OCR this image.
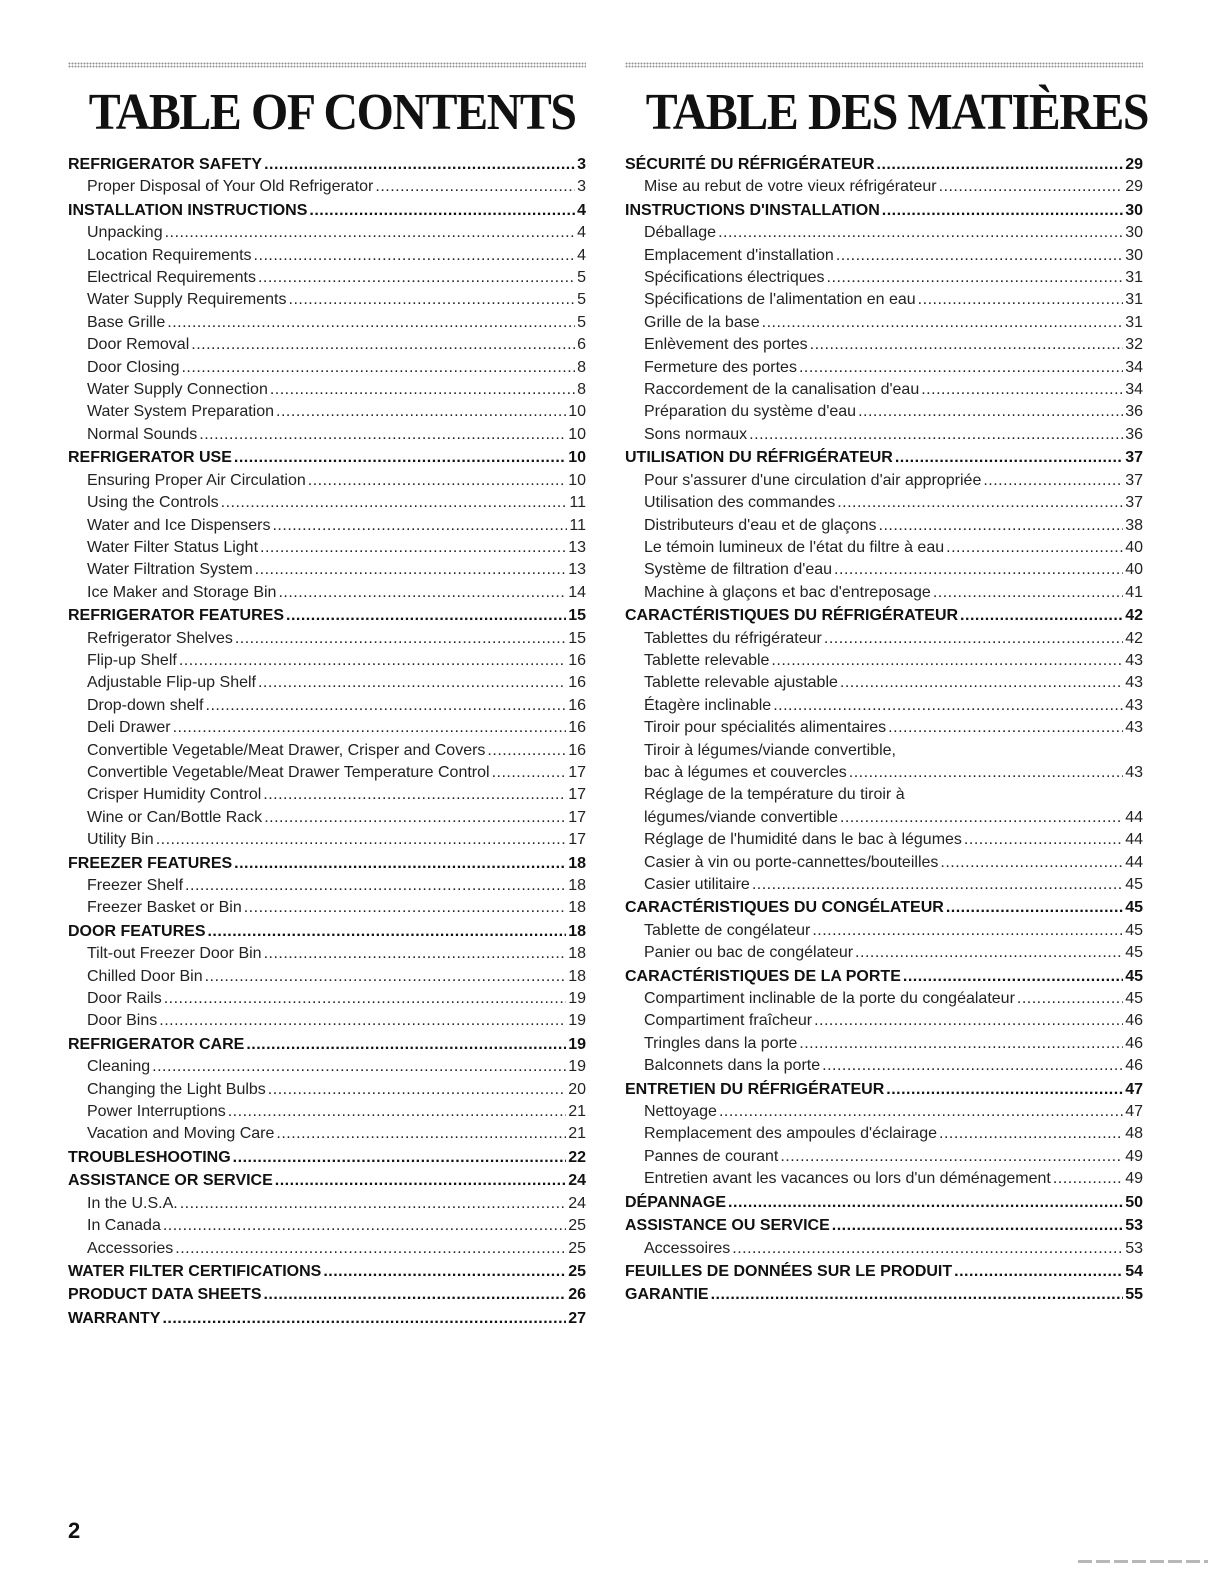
TABLE OF CONTENTS
REFRIGERATOR SAFETY .....	3
Proper Disposal of Your Old Refrigerator .....	3
INSTALLATION INSTRUCTIONS .....	4
Unpacking .....	4
Location Requirements .....	4
Electrical Requirements .....	5
Water Supply Requirements .....	5
Base Grille .....	5
Door Removal .....	6
Door Closing .....	8
Water Supply Connection .....	8
Water System Preparation .....	10
Normal Sounds .....	10
REFRIGERATOR USE .....	10
Ensuring Proper Air Circulation .....	10
Using the Controls .....	11
Water and Ice Dispensers .....	11
Water Filter Status Light .....	13
Water Filtration System .....	13
Ice Maker and Storage Bin .....	14
REFRIGERATOR FEATURES .....	15
Refrigerator Shelves .....	15
Flip-up Shelf .....	16
Adjustable Flip-up Shelf .....	16
Drop-down shelf .....	16
Deli Drawer .....	16
Convertible Vegetable/Meat Drawer, Crisper and Covers .....	16
Convertible Vegetable/Meat Drawer Temperature Control .....	17
Crisper Humidity Control .....	17
Wine or Can/Bottle Rack .....	17
Utility Bin .....	17
FREEZER FEATURES .....	18
Freezer Shelf .....	18
Freezer Basket or Bin .....	18
DOOR FEATURES .....	18
Tilt-out Freezer Door Bin .....	18
Chilled Door Bin .....	18
Door Rails .....	19
Door Bins .....	19
REFRIGERATOR CARE .....	19
Cleaning .....	19
Changing the Light Bulbs .....	20
Power Interruptions .....	21
Vacation and Moving Care .....	21
TROUBLESHOOTING .....	22
ASSISTANCE OR SERVICE .....	24
In the U.S.A. .....	24
In Canada .....	25
Accessories .....	25
WATER FILTER CERTIFICATIONS .....	25
PRODUCT DATA SHEETS .....	26
WARRANTY .....	27
TABLE DES MATIÈRES
SÉCURITÉ DU RÉFRIGÉRATEUR .....	29
Mise au rebut de votre vieux réfrigérateur .....	29
INSTRUCTIONS D'INSTALLATION .....	30
Déballage .....	30
Emplacement d'installation .....	30
Spécifications électriques .....	31
Spécifications de l'alimentation en eau .....	31
Grille de la base .....	31
Enlèvement des portes .....	32
Fermeture des portes .....	34
Raccordement de la canalisation d'eau .....	34
Préparation du système d'eau .....	36
Sons normaux .....	36
UTILISATION DU RÉFRIGÉRATEUR .....	37
Pour s'assurer d'une circulation d'air appropriée .....	37
Utilisation des commandes .....	37
Distributeurs d'eau et de glaçons .....	38
Le témoin lumineux de l'état du filtre à eau .....	40
Système de filtration d'eau .....	40
Machine à glaçons et bac d'entreposage .....	41
CARACTÉRISTIQUES DU RÉFRIGÉRATEUR .....	42
Tablettes du réfrigérateur .....	42
Tablette relevable .....	43
Tablette relevable ajustable .....	43
Étagère inclinable .....	43
Tiroir pour spécialités alimentaires .....	43
Tiroir à légumes/viande convertible,
bac à légumes et couvercles .....	43
Réglage de la température du tiroir à
légumes/viande convertible .....	44
Réglage de l'humidité dans le bac à légumes .....	44
Casier à vin ou porte-cannettes/bouteilles .....	44
Casier utilitaire .....	45
CARACTÉRISTIQUES DU CONGÉLATEUR .....	45
Tablette de congélateur .....	45
Panier ou bac de congélateur .....	45
CARACTÉRISTIQUES DE LA PORTE .....	45
Compartiment inclinable de la porte du congéalateur .....	45
Compartiment fraîcheur .....	46
Tringles dans la porte .....	46
Balconnets dans la porte .....	46
ENTRETIEN DU RÉFRIGÉRATEUR .....	47
Nettoyage .....	47
Remplacement des ampoules d'éclairage .....	48
Pannes de courant .....	49
Entretien avant les vacances ou lors d'un déménagement .....	49
DÉPANNAGE .....	50
ASSISTANCE OU SERVICE .....	53
Accessoires .....	53
FEUILLES DE DONNÉES SUR LE PRODUIT .....	54
GARANTIE .....	55
2
